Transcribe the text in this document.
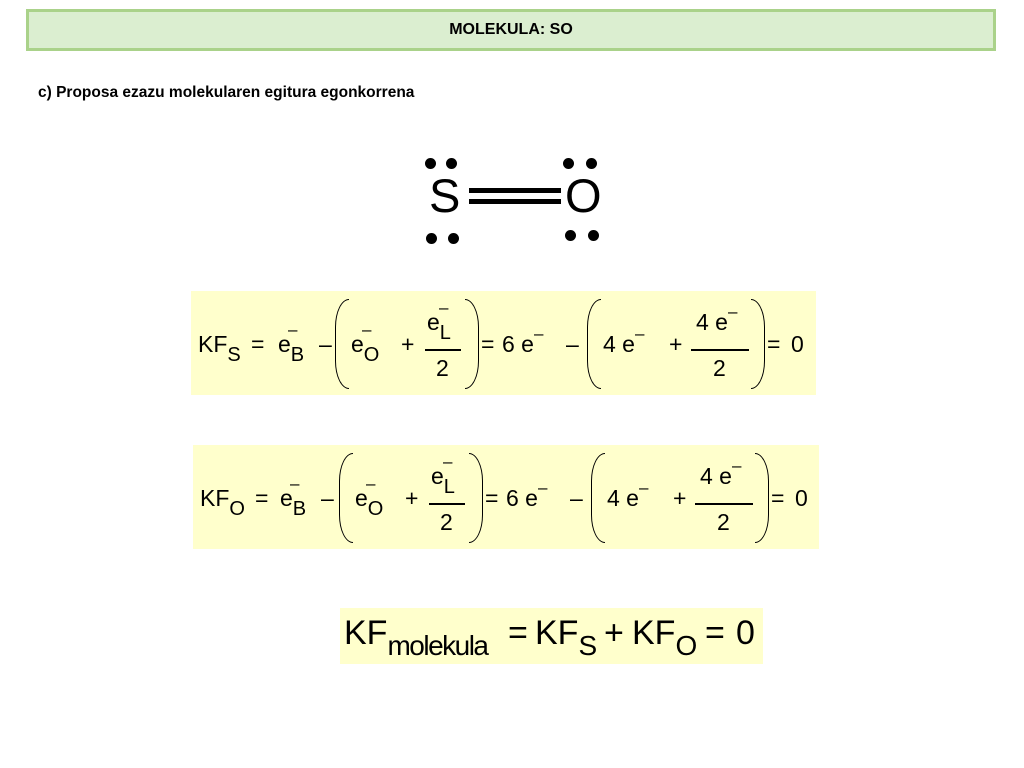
MOLEKULA: SO
c) Proposa ezazu molekularen egitura egonkorrena
S O
KFS = eB
–
– eO
–
+
eL
–
2
= 6 e– – 4 e– +
4 e–
2
= 0
KFO = eB
–
– eO
–
+
eL
–
2
= 6 e– – 4 e– +
4 e–
2
= 0
$KF_{molekula} = KF_S + KF_O = 0$
